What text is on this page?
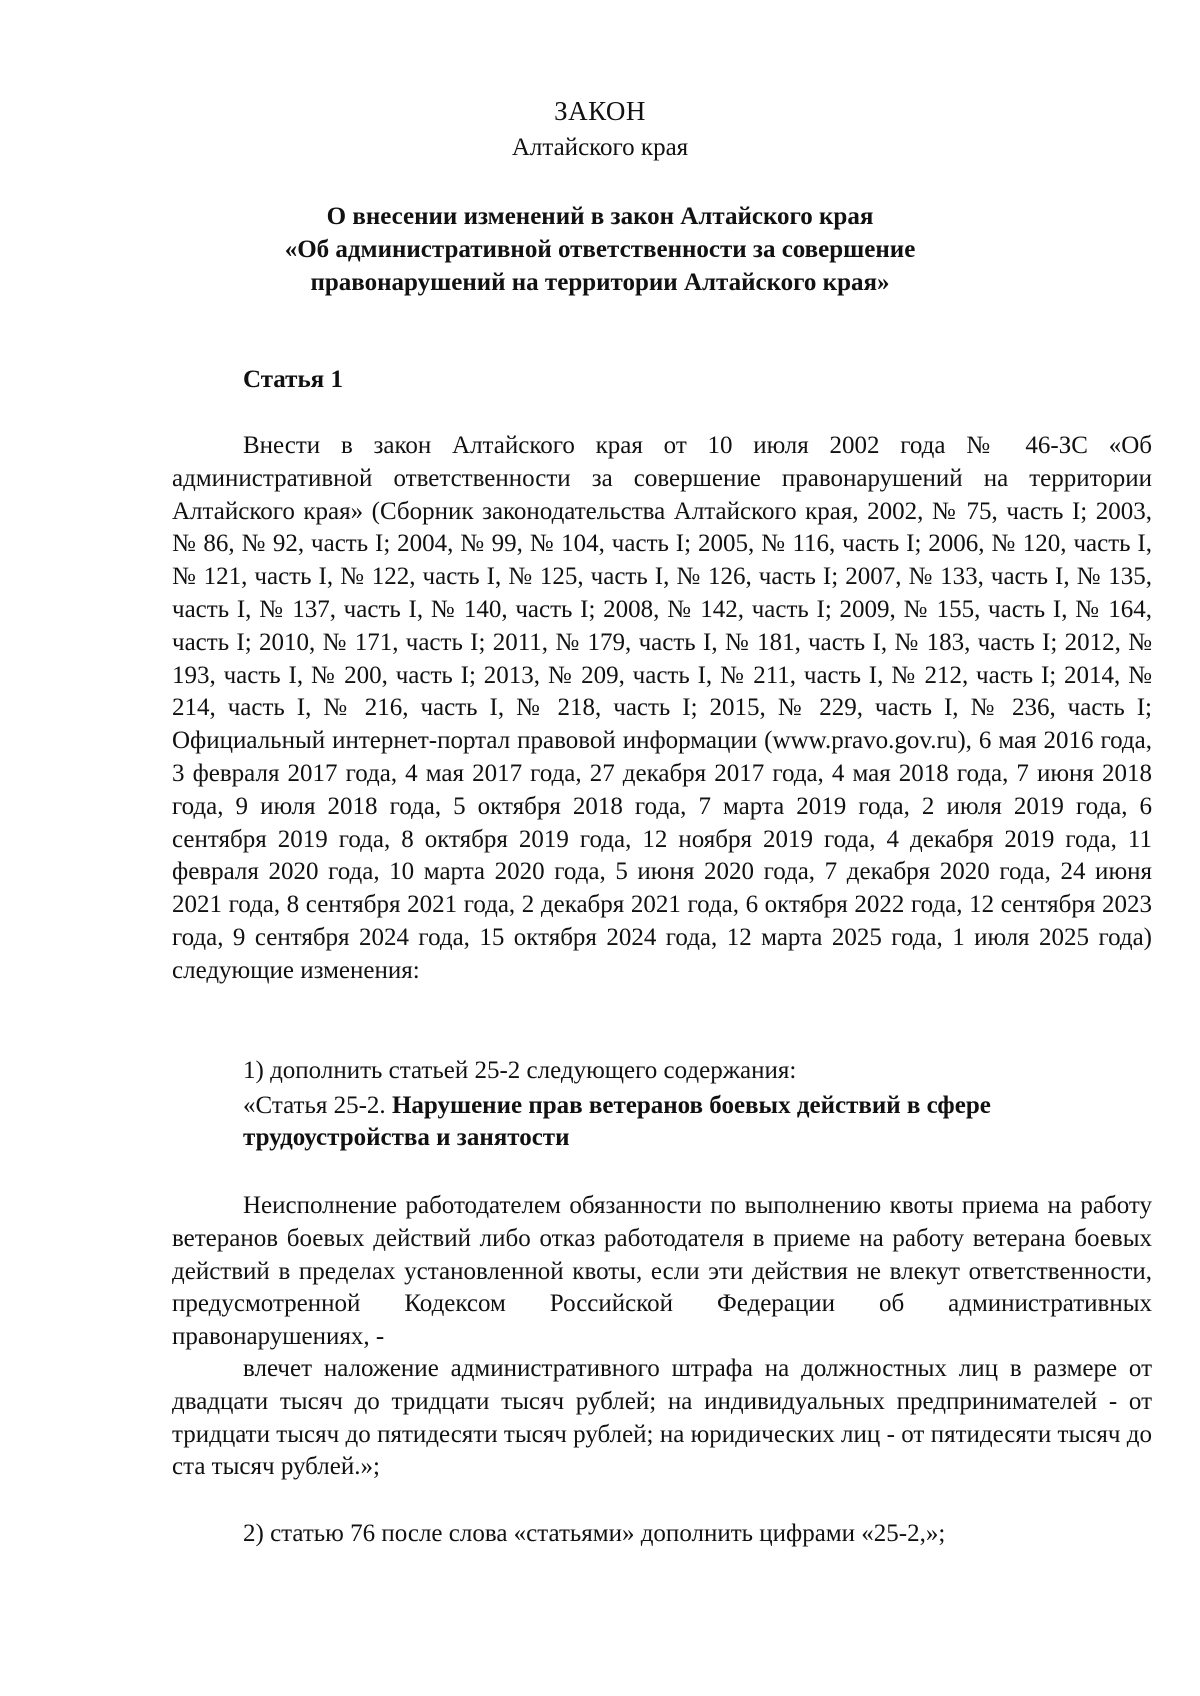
ЗАКОН
Алтайского края
О внесении изменений в закон Алтайского края
«Об административной ответственности за совершение
правонарушений на территории Алтайского края»
Статья 1

Внести в закон Алтайского края от 10 июля 2002 года № 46-ЗС «Об административной ответственности за совершение правонарушений на территории Алтайского края» (Сборник законодательства Алтайского края, 2002, № 75, часть I; 2003, № 86, № 92, часть I; 2004, № 99, № 104, часть I; 2005, № 116, часть I; 2006, № 120, часть I, № 121, часть I, № 122, часть I, № 125, часть I, № 126, часть I; 2007, № 133, часть I, № 135, часть I, № 137, часть I, № 140, часть I; 2008, № 142, часть I; 2009, № 155, часть I, № 164, часть I; 2010, № 171, часть I; 2011, № 179, часть I, № 181, часть I, № 183, часть I; 2012, № 193, часть I, № 200, часть I; 2013, № 209, часть I, № 211, часть I, № 212, часть I; 2014, № 214, часть I, № 216, часть I, № 218, часть I; 2015, № 229, часть I, № 236, часть I; Официальный интернет-портал правовой информации (www.pravo.gov.ru), 6 мая 2016 года, 3 февраля 2017 года, 4 мая 2017 года, 27 декабря 2017 года, 4 мая 2018 года, 7 июня 2018 года, 9 июля 2018 года, 5 октября 2018 года, 7 марта 2019 года, 2 июля 2019 года, 6 сентября 2019 года, 8 октября 2019 года, 12 ноября 2019 года, 4 декабря 2019 года, 11 февраля 2020 года, 10 марта 2020 года, 5 июня 2020 года, 7 декабря 2020 года, 24 июня 2021 года, 8 сентября 2021 года, 2 декабря 2021 года, 6 октября 2022 года, 12 сентября 2023 года, 9 сентября 2024 года, 15 октября 2024 года, 12 марта 2025 года, 1 июля 2025 года) следующие изменения:

1) дополнить статьей 25-2 следующего содержания:
«Статья 25-2. Нарушение прав ветеранов боевых действий в сфере трудоустройства и занятости

Неисполнение работодателем обязанности по выполнению квоты приема на работу ветеранов боевых действий либо отказ работодателя в приеме на работу ветерана боевых действий в пределах установленной квоты, если эти действия не влекут ответственности, предусмотренной Кодексом Российской Федерации об административных правонарушениях, -

влечет наложение административного штрафа на должностных лиц в размере от двадцати тысяч до тридцати тысяч рублей; на индивидуальных предпринимателей - от тридцати тысяч до пятидесяти тысяч рублей; на юридических лиц - от пятидесяти тысяч до ста тысяч рублей.»;

2) статью 76 после слова «статьями» дополнить цифрами «25-2,»;
